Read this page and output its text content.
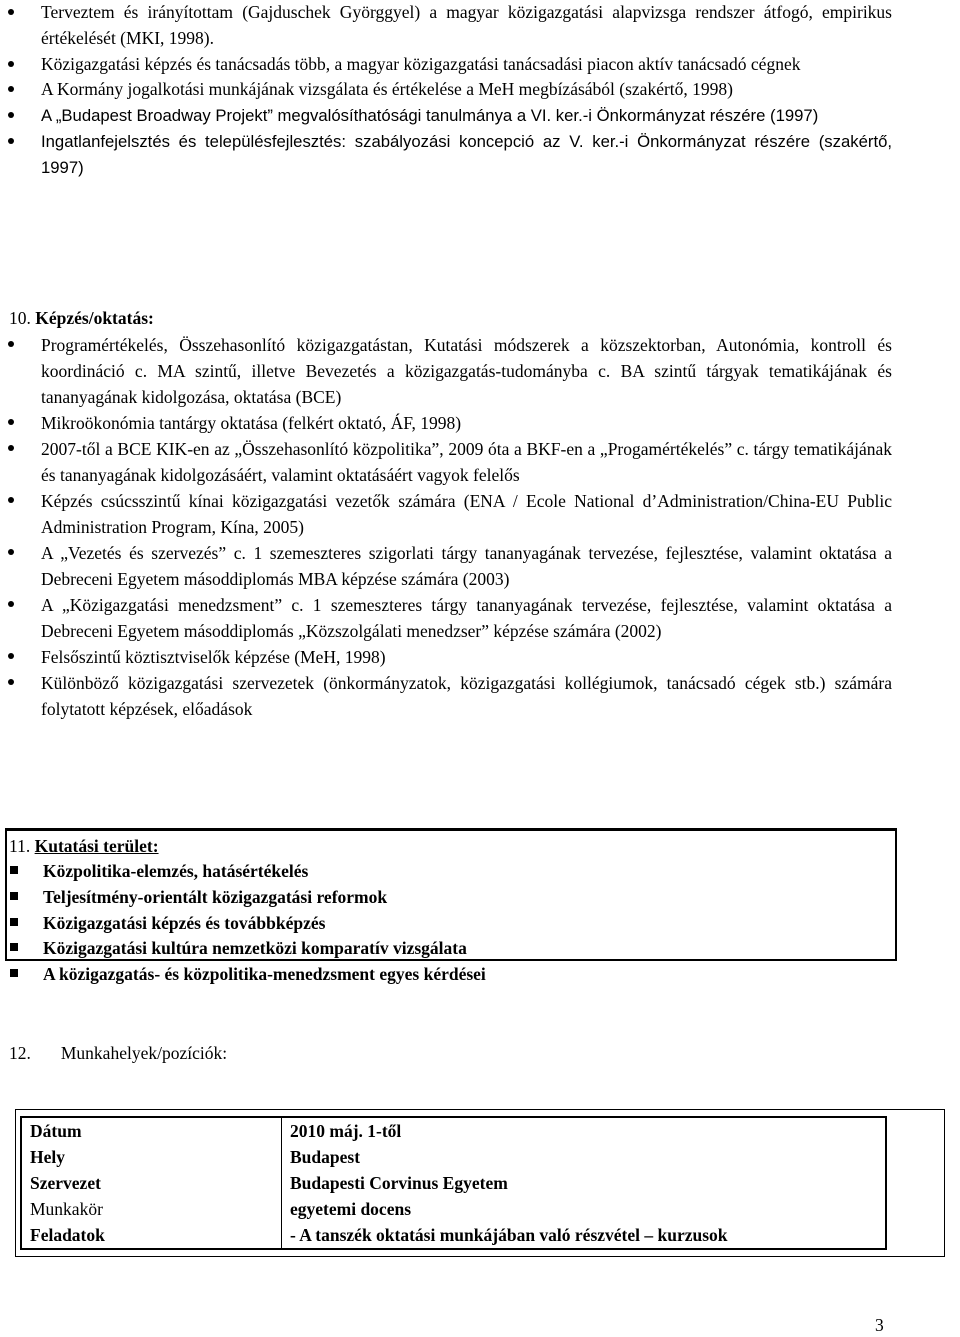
Terveztem és irányítottam (Gajduschek Györggyel) a magyar közigazgatási alapvizsga rendszer átfogó, empirikus értékelését (MKI, 1998).
Közigazgatási képzés és tanácsadás több, a magyar közigazgatási tanácsadási piacon aktív tanácsadó cégnek
A Kormány jogalkotási munkájának vizsgálata és értékelése a MeH megbízásából (szakértő, 1998)
A „Budapest Broadway Projekt” megvalósíthatósági tanulmánya a VI. ker.-i Önkormányzat részére (1997)
Ingatlanfejelsztés és településfejlesztés: szabályozási koncepció az V. ker.-i Önkormányzat részére (szakértő, 1997)
10. Képzés/oktatás:
Programértékelés, Összehasonlító közigazgatástan, Kutatási módszerek a közszektorban, Autonómia, kontroll és koordináció c. MA szintű, illetve Bevezetés a közigazgatás-tudományba c. BA szintű tárgyak tematikájának és tananyagának kidolgozása, oktatása (BCE)
Mikroökonómia tantárgy oktatása (felkért oktató, ÁF, 1998)
2007-től a BCE KIK-en az „Összehasonlító közpolitika”, 2009 óta a BKF-en a „Progamértékelés” c. tárgy tematikájának és tananyagának kidolgozásáért, valamint oktatásáért vagyok felelős
Képzés csúcsszintű kínai közigazgatási vezetők számára (ENA / Ecole National d’Administration/China-EU Public Administration Program, Kína, 2005)
A „Vezetés és szervezés” c. 1 szemeszteres szigorlati tárgy tananyagának tervezése, fejlesztése, valamint oktatása a Debreceni Egyetem másoddiplomás MBA képzése számára (2003)
A „Közigazgatási menedzsment” c. 1 szemeszteres tárgy tananyagának tervezése, fejlesztése, valamint oktatása a Debreceni Egyetem másoddiplomás „Közszolgálati menedzser” képzése számára (2002)
Felsőszintű köztisztviselők képzése (MeH, 1998)
Különböző közigazgatási szervezetek (önkormányzatok, közigazgatási kollégiumok, tanácsadó cégek stb.) számára folytatott képzések, előadások
11. Kutatási terület:
Közpolitika-elemzés, hatásértékelés
Teljesítmény-orientált közigazgatási reformok
Közigazgatási képzés és továbbképzés
Közigazgatási kultúra nemzetközi komparatív vizsgálata
A közigazgatás- és közpolitika-menedzsment egyes kérdései
12. Munkahelyek/pozíciók:
Dátum	2010 máj. 1-től
Hely	Budapest
Szervezet	Budapesti Corvinus Egyetem
Munkakör	egyetemi docens
Feladatok	- A tanszék oktatási munkájában való részvétel – kurzusok
3
